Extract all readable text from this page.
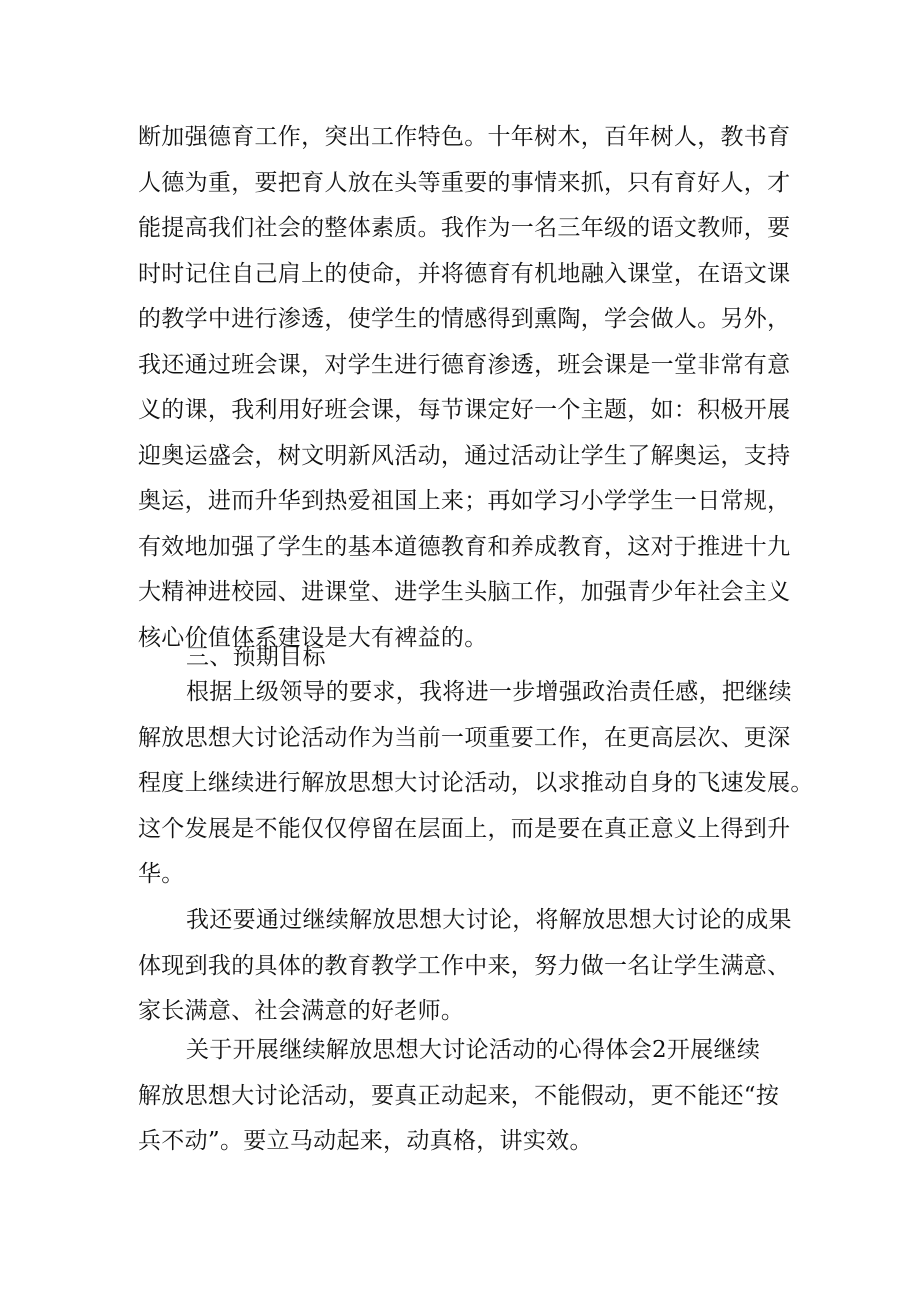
断加强德育工作，突出工作特色。十年树木，百年树人，教书育
人德为重，要把育人放在头等重要的事情来抓，只有育好人，才
能提高我们社会的整体素质。我作为一名三年级的语文教师，要
时时记住自己肩上的使命，并将德育有机地融入课堂，在语文课
的教学中进行渗透，使学生的情感得到熏陶，学会做人。另外，
我还通过班会课，对学生进行德育渗透，班会课是一堂非常有意
义的课，我利用好班会课，每节课定好一个主题，如：积极开展
迎奥运盛会，树文明新风活动，通过活动让学生了解奥运，支持
奥运，进而升华到热爱祖国上来；再如学习小学学生一日常规，
有效地加强了学生的基本道德教育和养成教育，这对于推进十九
大精神进校园、进课堂、进学生头脑工作，加强青少年社会主义
核心价值体系建设是大有裨益的。
三、预期目标
根据上级领导的要求，我将进一步增强政治责任感，把继续
解放思想大讨论活动作为当前一项重要工作，在更高层次、更深
程度上继续进行解放思想大讨论活动，以求推动自身的飞速发展。
这个发展是不能仅仅停留在层面上，而是要在真正意义上得到升
华。
我还要通过继续解放思想大讨论，将解放思想大讨论的成果
体现到我的具体的教育教学工作中来，努力做一名让学生满意、
家长满意、社会满意的好老师。
关于开展继续解放思想大讨论活动的心得体会2开展继续
解放思想大讨论活动，要真正动起来，不能假动，更不能还“按
兵不动”。要立马动起来，动真格，讲实效。
